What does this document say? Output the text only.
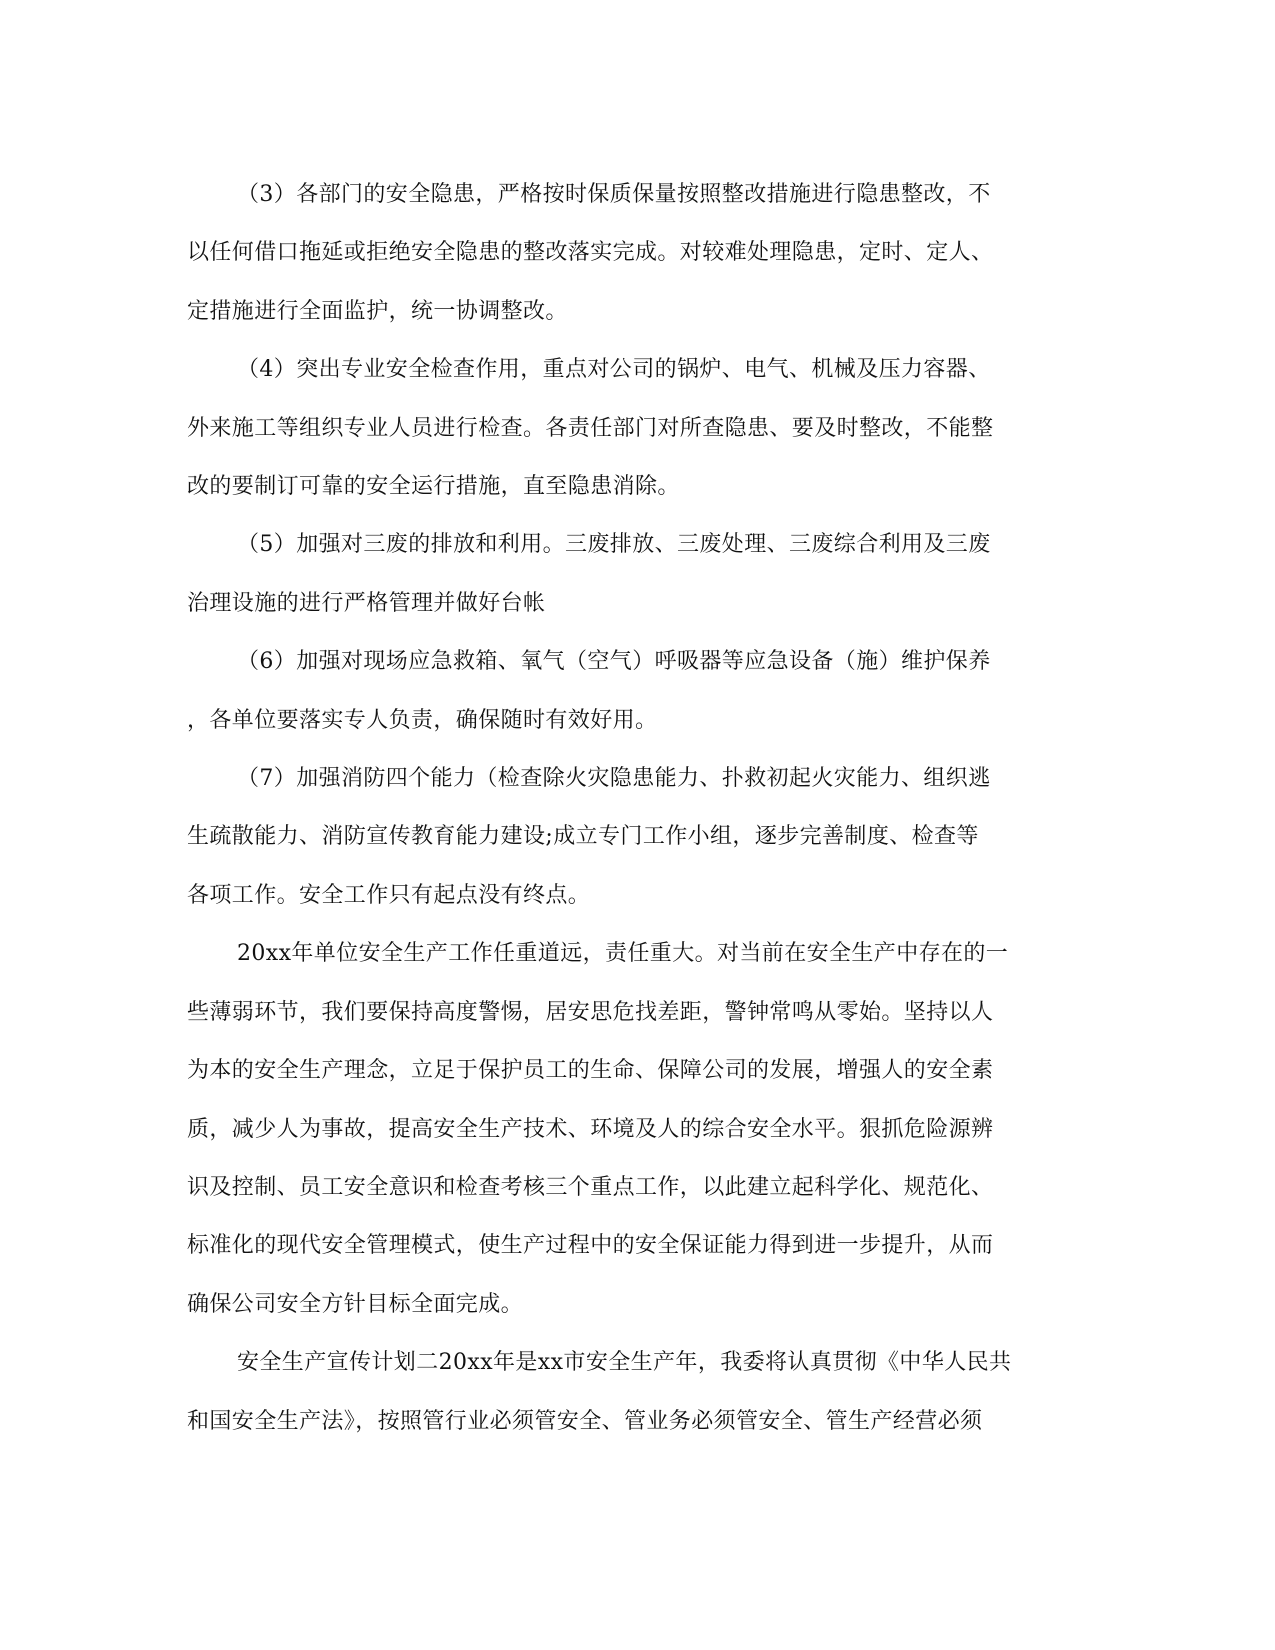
（3）各部门的安全隐患，严格按时保质保量按照整改措施进行隐患整改，不
以任何借口拖延或拒绝安全隐患的整改落实完成。对较难处理隐患，定时、定人、
定措施进行全面监护，统一协调整改。

（4）突出专业安全检查作用，重点对公司的锅炉、电气、机械及压力容器、
外来施工等组织专业人员进行检查。各责任部门对所查隐患、要及时整改，不能整
改的要制订可靠的安全运行措施，直至隐患消除。

（5）加强对三废的排放和利用。三废排放、三废处理、三废综合利用及三废
治理设施的进行严格管理并做好台帐

（6）加强对现场应急救箱、氧气（空气）呼吸器等应急设备（施）维护保养
，各单位要落实专人负责，确保随时有效好用。

（7）加强消防四个能力（检查除火灾隐患能力、扑救初起火灾能力、组织逃
生疏散能力、消防宣传教育能力建设;成立专门工作小组，逐步完善制度、检查等
各项工作。安全工作只有起点没有终点。

20xx年单位安全生产工作任重道远，责任重大。对当前在安全生产中存在的一
些薄弱环节，我们要保持高度警惕，居安思危找差距，警钟常鸣从零始。坚持以人
为本的安全生产理念，立足于保护员工的生命、保障公司的发展，增强人的安全素
质，减少人为事故，提高安全生产技术、环境及人的综合安全水平。狠抓危险源辨
识及控制、员工安全意识和检查考核三个重点工作，以此建立起科学化、规范化、
标准化的现代安全管理模式，使生产过程中的安全保证能力得到进一步提升，从而
确保公司安全方针目标全面完成。

安全生产宣传计划二20xx年是xx市安全生产年，我委将认真贯彻《中华人民共
和国安全生产法》，按照管行业必须管安全、管业务必须管安全、管生产经营必须
